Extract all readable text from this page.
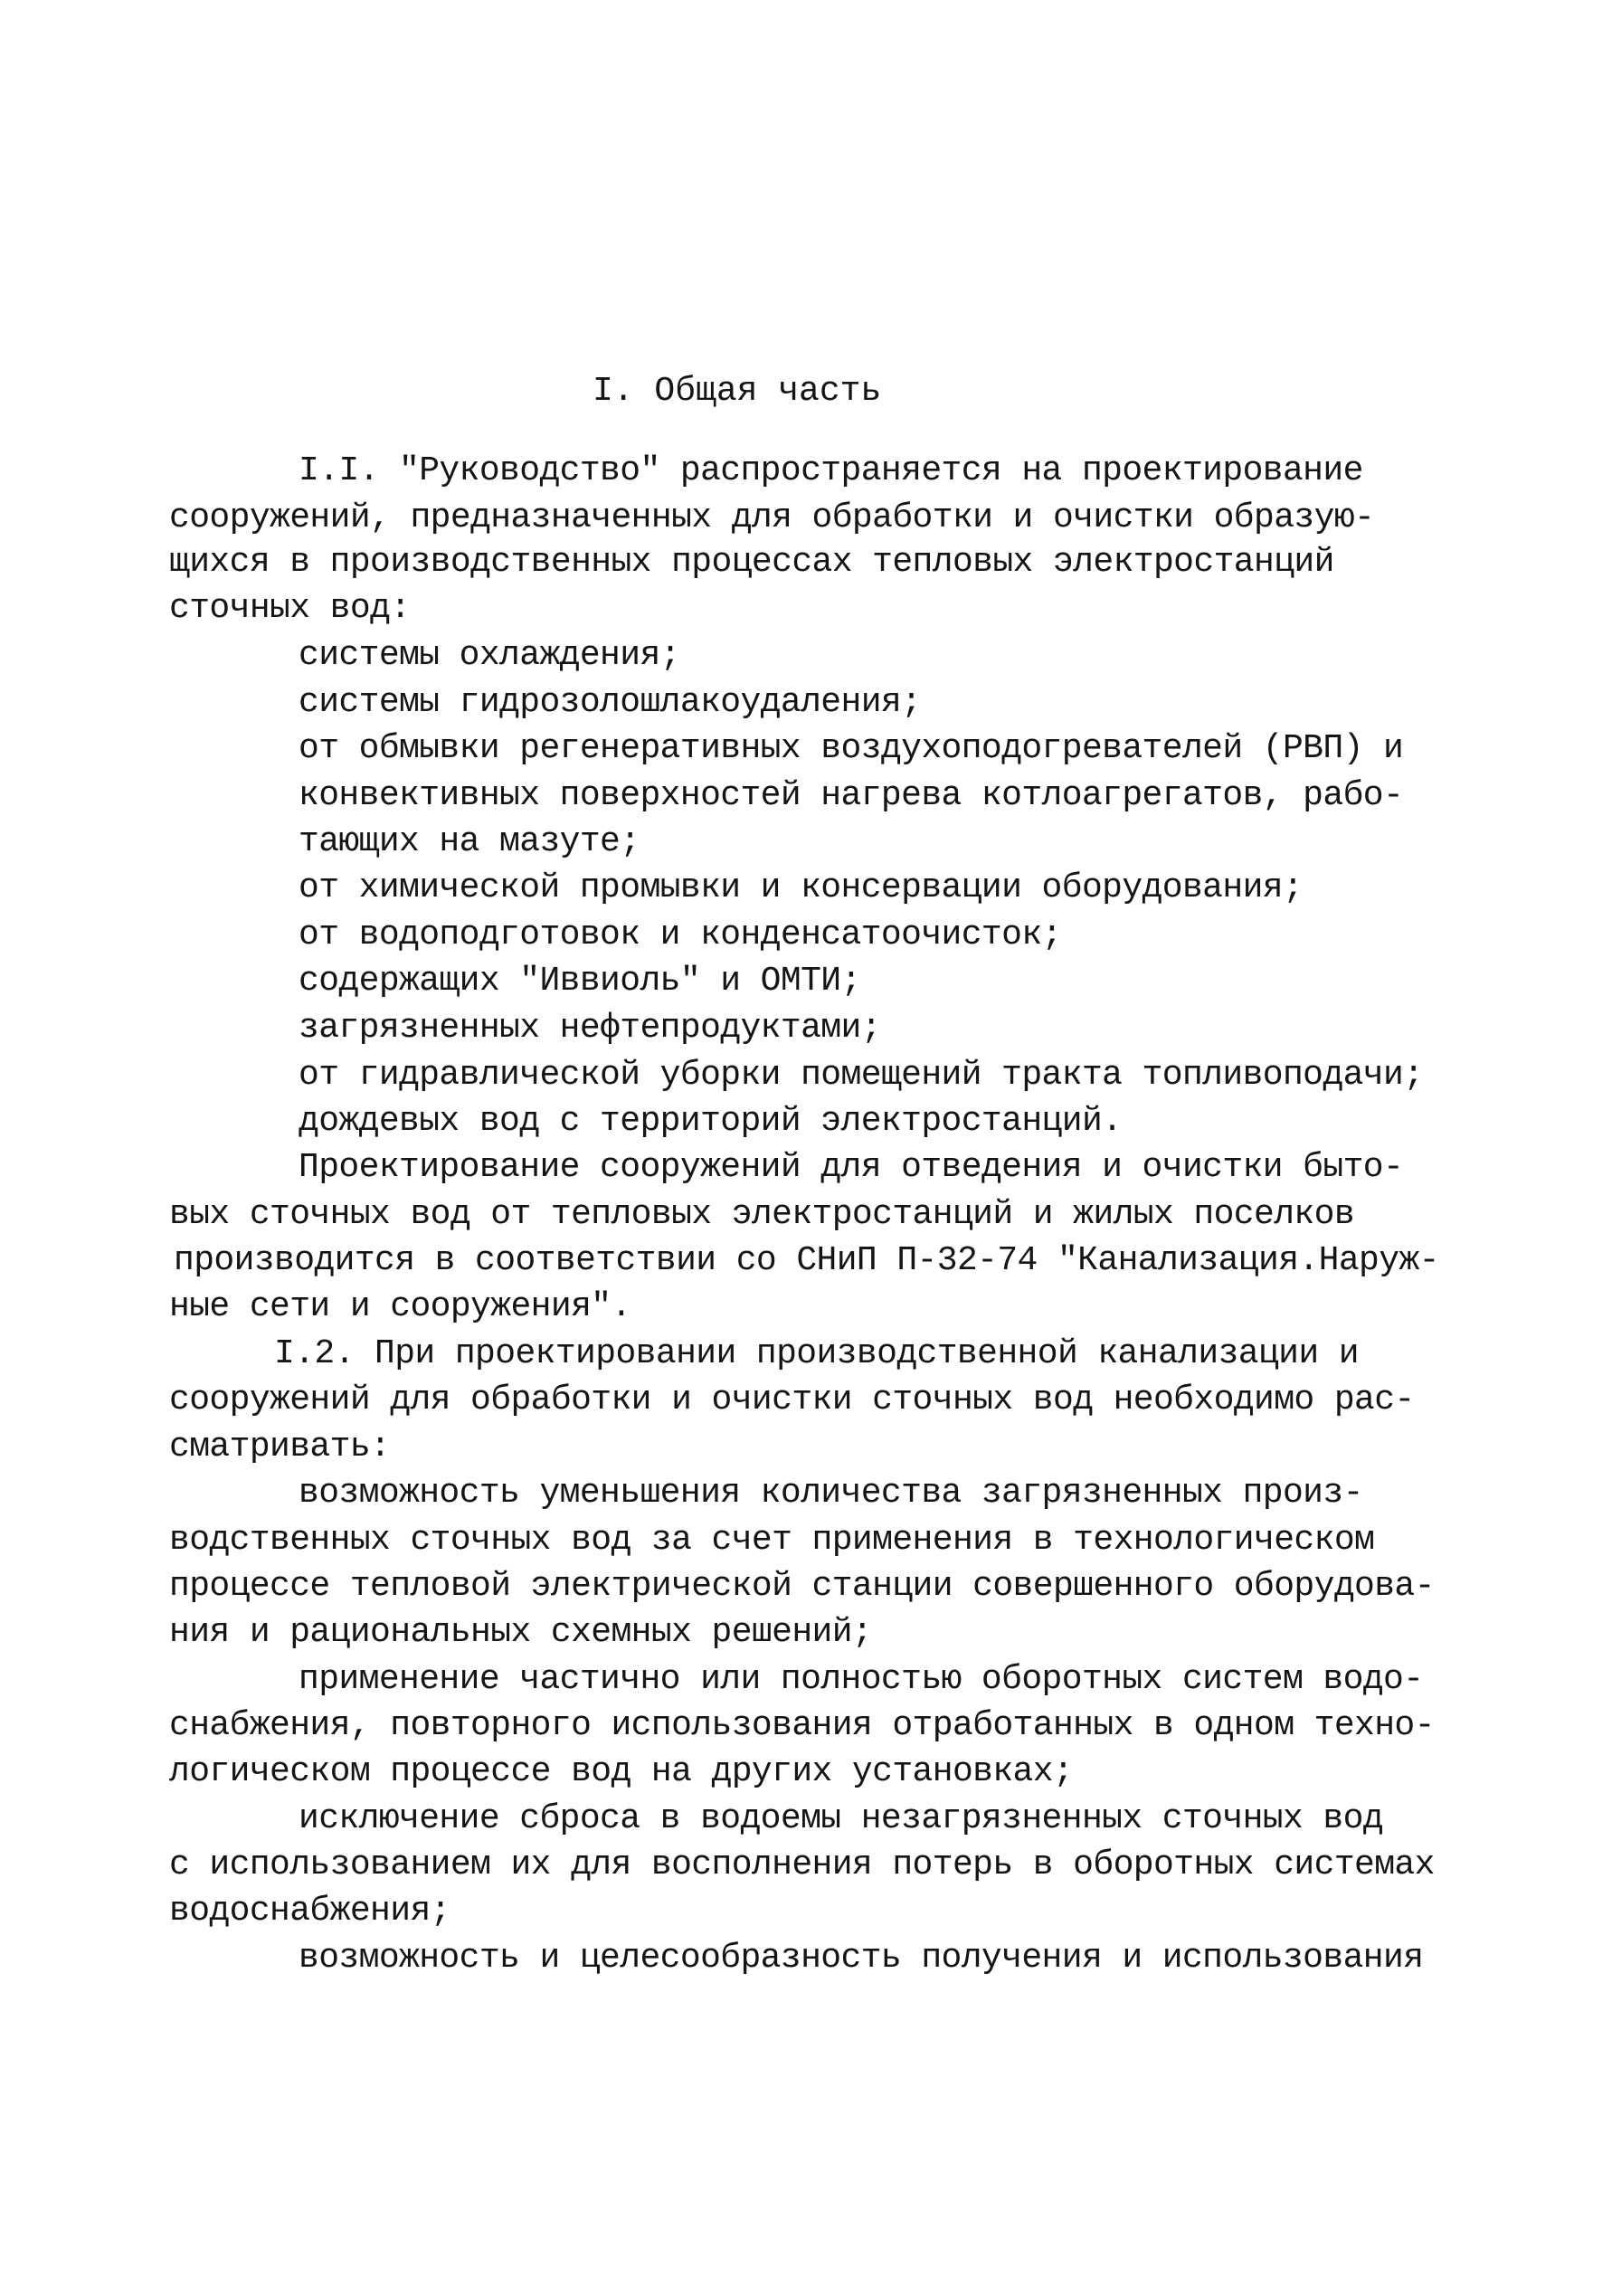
I. Общая часть
I.I. "Руководство" распространяется на проектирование
сооружений, предназначенных для обработки и очистки образую-
щихся в производственных процессах тепловых электростанций
сточных вод:
системы охлаждения;
системы гидрозолошлакоудаления;
от обмывки регенеративных воздухоподогревателей (РВП) и
конвективных поверхностей нагрева котлоагрегатов, рабо-
тающих на мазуте;
от химической промывки и консервации оборудования;
от водоподготовок и конденсатоочисток;
содержащих "Иввиоль" и ОМТИ;
загрязненных нефтепродуктами;
от гидравлической уборки помещений тракта топливоподачи;
дождевых вод с территорий электростанций.
Проектирование сооружений для отведения и очистки быто-
вых сточных вод от тепловых электростанций и жилых поселков
производится в соответствии со СНиП П-32-74 "Канализация.Наруж-
ные сети и сооружения".
I.2. При проектировании производственной канализации и
сооружений для обработки и очистки сточных вод необходимо рас-
сматривать:
возможность уменьшения количества загрязненных произ-
водственных сточных вод за счет применения в технологическом
процессе тепловой электрической станции совершенного оборудова-
ния и рациональных схемных решений;
применение частично или полностью оборотных систем водо-
снабжения, повторного использования отработанных в одном техно-
логическом процессе вод на других установках;
исключение сброса в водоемы незагрязненных сточных вод
с использованием их для восполнения потерь в оборотных системах
водоснабжения;
возможность и целесообразность получения и использования
